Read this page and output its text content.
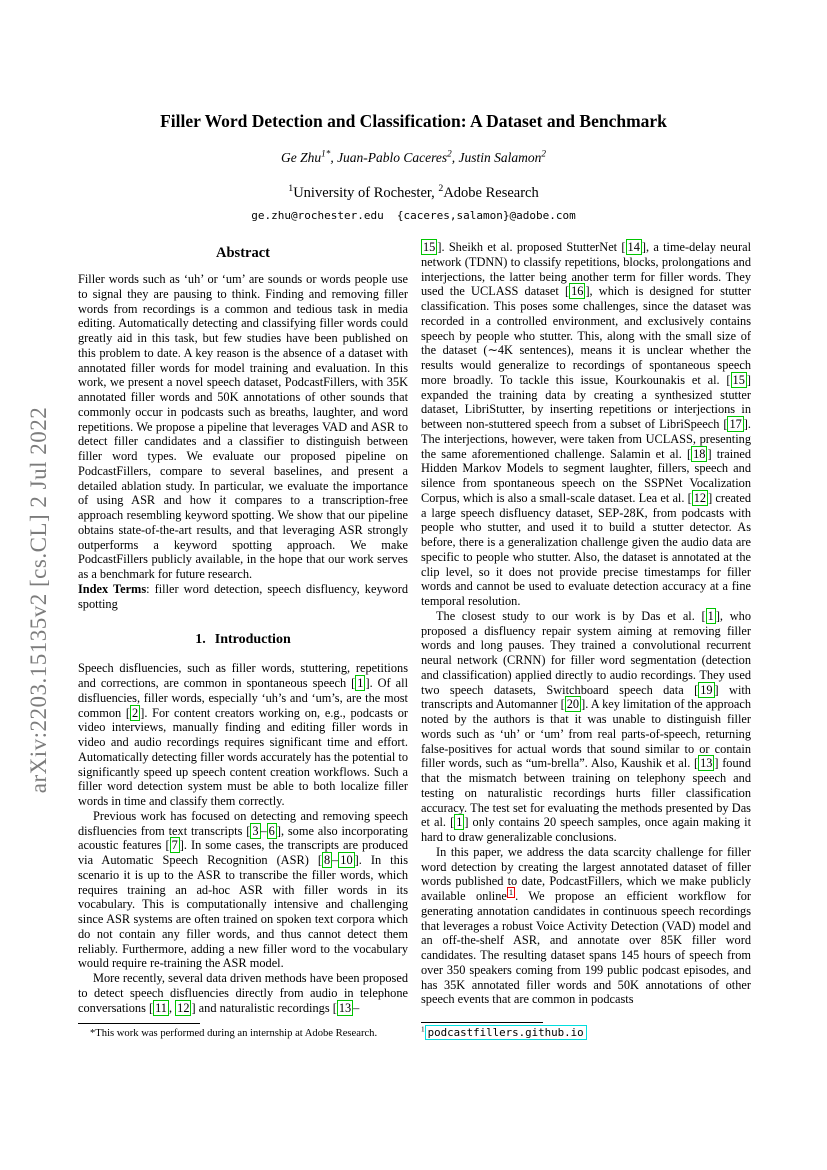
arXiv:2203.15135v2 [cs.CL] 2 Jul 2022
Filler Word Detection and Classification: A Dataset and Benchmark
Ge Zhu$^{1*}$, Juan-Pablo Caceres$^2$, Justin Salamon$^2$
$^1$University of Rochester, $^2$Adobe Research
ge.zhu@rochester.edu  {caceres,salamon}@adobe.com
Abstract

Filler words such as ‘uh’ or ‘um’ are sounds or words people use to signal they are pausing to think. Finding and removing filler words from recordings is a common and tedious task in media editing. Automatically detecting and classifying filler words could greatly aid in this task, but few studies have been published on this problem to date. A key reason is the absence of a dataset with annotated filler words for model training and evaluation. In this work, we present a novel speech dataset, PodcastFillers, with 35K annotated filler words and 50K annotations of other sounds that commonly occur in podcasts such as breaths, laughter, and word repetitions. We propose a pipeline that leverages VAD and ASR to detect filler candidates and a classifier to distinguish between filler word types. We evaluate our proposed pipeline on PodcastFillers, compare to several baselines, and present a detailed ablation study. In particular, we evaluate the importance of using ASR and how it compares to a transcription-free approach resembling keyword spotting. We show that our pipeline obtains state-of-the-art results, and that leveraging ASR strongly outperforms a keyword spotting approach. We make PodcastFillers publicly available, in the hope that our work serves as a benchmark for future research.

Index Terms: filler word detection, speech disfluency, keyword spotting

1. Introduction

Speech disfluencies, such as filler words, stuttering, repetitions and corrections, are common in spontaneous speech [ 1 ]. Of all disfluencies, filler words, especially ‘uh’s and ‘um’s, are the most common [ 2 ]. For content creators working on, e.g., podcasts or video interviews, manually finding and editing filler words in video and audio recordings requires significant time and effort. Automatically detecting filler words accurately has the potential to significantly speed up speech content creation workflows. Such a filler word detection system must be able to both localize filler words in time and classify them correctly.

Previous work has focused on detecting and removing speech disfluencies from text transcripts [ 3 – 6 ], some also incorporating acoustic features [ 7 ]. In some cases, the transcripts are produced via Automatic Speech Recognition (ASR) [ 8 – 10 ]. In this scenario it is up to the ASR to transcribe the filler words, which requires training an ad-hoc ASR with filler words in its vocabulary. This is computationally intensive and challenging since ASR systems are often trained on spoken text corpora which do not contain any filler words, and thus cannot detect them reliably. Furthermore, adding a new filler word to the vocabulary would require re-training the ASR model.

More recently, several data driven methods have been proposed to detect speech disfluencies directly from audio in telephone conversations [ 11 , 12 ] and naturalistic recordings [ 13 –

*This work was performed during an internship at Adobe Research.

15 ]. Sheikh et al. proposed StutterNet [ 14 ], a time-delay neural network (TDNN) to classify repetitions, blocks, prolongations and interjections, the latter being another term for filler words. They used the UCLASS dataset [ 16 ], which is designed for stutter classification. This poses some challenges, since the dataset was recorded in a controlled environment, and exclusively contains speech by people who stutter. This, along with the small size of the dataset (∼4K sentences), means it is unclear whether the results would generalize to recordings of spontaneous speech more broadly. To tackle this issue, Kourkounakis et al. [ 15 ] expanded the training data by creating a synthesized stutter dataset, LibriStutter, by inserting repetitions or interjections in between non-stuttered speech from a subset of LibriSpeech [ 17 ]. The interjections, however, were taken from UCLASS, presenting the same aforementioned challenge. Salamin et al. [ 18 ] trained Hidden Markov Models to segment laughter, fillers, speech and silence from spontaneous speech on the SSPNet Vocalization Corpus, which is also a small-scale dataset. Lea et al. [ 12 ] created a large speech disfluency dataset, SEP-28K, from podcasts with people who stutter, and used it to build a stutter detector. As before, there is a generalization challenge given the audio data are specific to people who stutter. Also, the dataset is annotated at the clip level, so it does not provide precise timestamps for filler words and cannot be used to evaluate detection accuracy at a fine temporal resolution.

The closest study to our work is by Das et al. [ 1 ], who proposed a disfluency repair system aiming at removing filler words and long pauses. They trained a convolutional recurrent neural network (CRNN) for filler word segmentation (detection and classification) applied directly to audio recordings. They used two speech datasets, Switchboard speech data [ 19 ] with transcripts and Automanner [ 20 ]. A key limitation of the approach noted by the authors is that it was unable to distinguish filler words such as ‘uh’ or ‘um’ from real parts-of-speech, returning false-positives for actual words that sound similar to or contain filler words, such as “um-brella”. Also, Kaushik et al. [ 13 ] found that the mismatch between training on telephony speech and testing on naturalistic recordings hurts filler classification accuracy. The test set for evaluating the methods presented by Das et al. [ 1 ] only contains 20 speech samples, once again making it hard to draw generalizable conclusions.

In this paper, we address the data scarcity challenge for filler word detection by creating the largest annotated dataset of filler words published to date, PodcastFillers, which we make publicly available online $^1$ . We propose an efficient workflow for generating annotation candidates in continuous speech recordings that leverages a robust Voice Activity Detection (VAD) model and an off-the-shelf ASR, and annotate over 85K filler word candidates. The resulting dataset spans 145 hours of speech from over 350 speakers coming from 199 public podcast episodes, and has 35K annotated filler words and 50K annotations of other speech events that are common in podcasts

$^1$ podcastfillers.github.io
